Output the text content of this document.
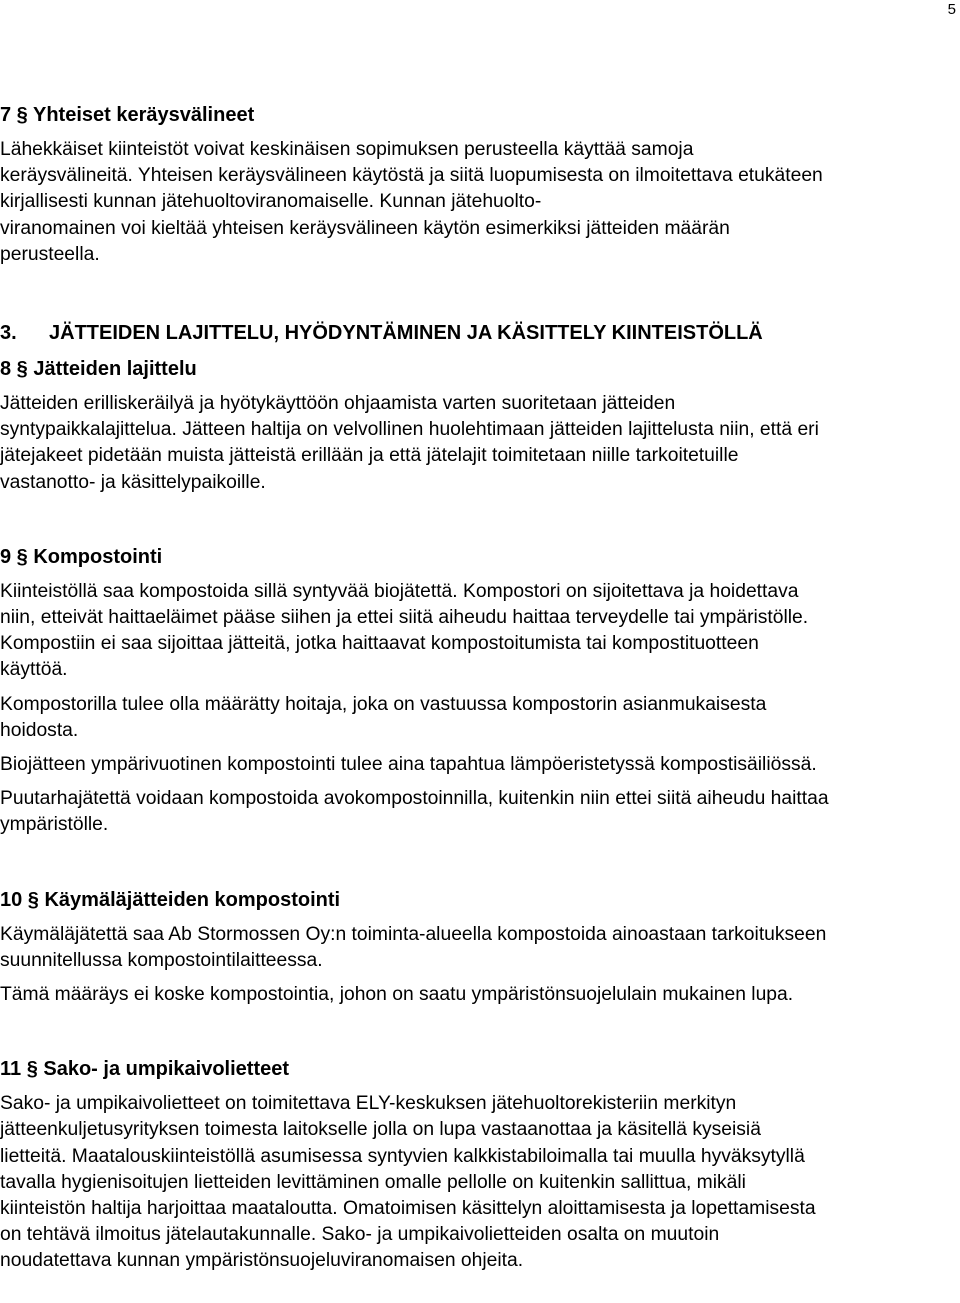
5
7 § Yhteiset keräysvälineet

Lähekkäiset kiinteistöt voivat keskinäisen sopimuksen perusteella käyttää samoja
keräysvälineitä. Yhteisen keräysvälineen käytöstä ja siitä luopumisesta on ilmoitettava etukäteen
kirjallisesti kunnan jätehuoltoviranomaiselle. Kunnan jätehuolto-
viranomainen voi kieltää yhteisen keräysvälineen käytön esimerkiksi jätteiden määrän
perusteella.

3. JÄTTEIDEN LAJITTELU, HYÖDYNTÄMINEN JA KÄSITTELY KIINTEISTÖLLÄ
8 § Jätteiden lajittelu

Jätteiden erilliskeräilyä ja hyötykäyttöön ohjaamista varten suoritetaan jätteiden
syntypaikkalajittelua. Jätteen haltija on velvollinen huolehtimaan jätteiden lajittelusta niin, että eri
jätejakeet pidetään muista jätteistä erillään ja että jätelajit toimitetaan niille tarkoitetuille
vastanotto- ja käsittelypaikoille.

9 § Kompostointi

Kiinteistöllä saa kompostoida sillä syntyvää biojätettä. Kompostori on sijoitettava ja hoidettava
niin, etteivät haittaeläimet pääse siihen ja ettei siitä aiheudu haittaa terveydelle tai ympäristölle.
Kompostiin ei saa sijoittaa jätteitä, jotka haittaavat kompostoitumista tai kompostituotteen
käyttöä.

Kompostorilla tulee olla määrätty hoitaja, joka on vastuussa kompostorin asianmukaisesta
hoidosta.

Biojätteen ympärivuotinen kompostointi tulee aina tapahtua lämpöeristetyssä kompostisäiliössä.

Puutarhajätettä voidaan kompostoida avokompostoinnilla, kuitenkin niin ettei siitä aiheudu haittaa
ympäristölle.

10 § Käymäläjätteiden kompostointi

Käymäläjätettä saa Ab Stormossen Oy:n toiminta-alueella kompostoida ainoastaan tarkoitukseen
suunnitellussa kompostointilaitteessa.

Tämä määräys ei koske kompostointia, johon on saatu ympäristönsuojelulain mukainen lupa.

11 § Sako- ja umpikaivolietteet

Sako- ja umpikaivolietteet on toimitettava ELY-keskuksen jätehuoltorekisteriin merkityn
jätteenkuljetusyrityksen toimesta laitokselle jolla on lupa vastaanottaa ja käsitellä kyseisiä
lietteitä. Maatalouskiinteistöllä asumisessa syntyvien kalkkistabiloimalla tai muulla hyväksytyllä
tavalla hygienisoitujen lietteiden levittäminen omalle pellolle on kuitenkin sallittua, mikäli
kiinteistön haltija harjoittaa maataloutta. Omatoimisen käsittelyn aloittamisesta ja lopettamisesta
on tehtävä ilmoitus jätelautakunnalle. Sako- ja umpikaivolietteiden osalta on muutoin
noudatettava kunnan ympäristönsuojeluviranomaisen ohjeita.
